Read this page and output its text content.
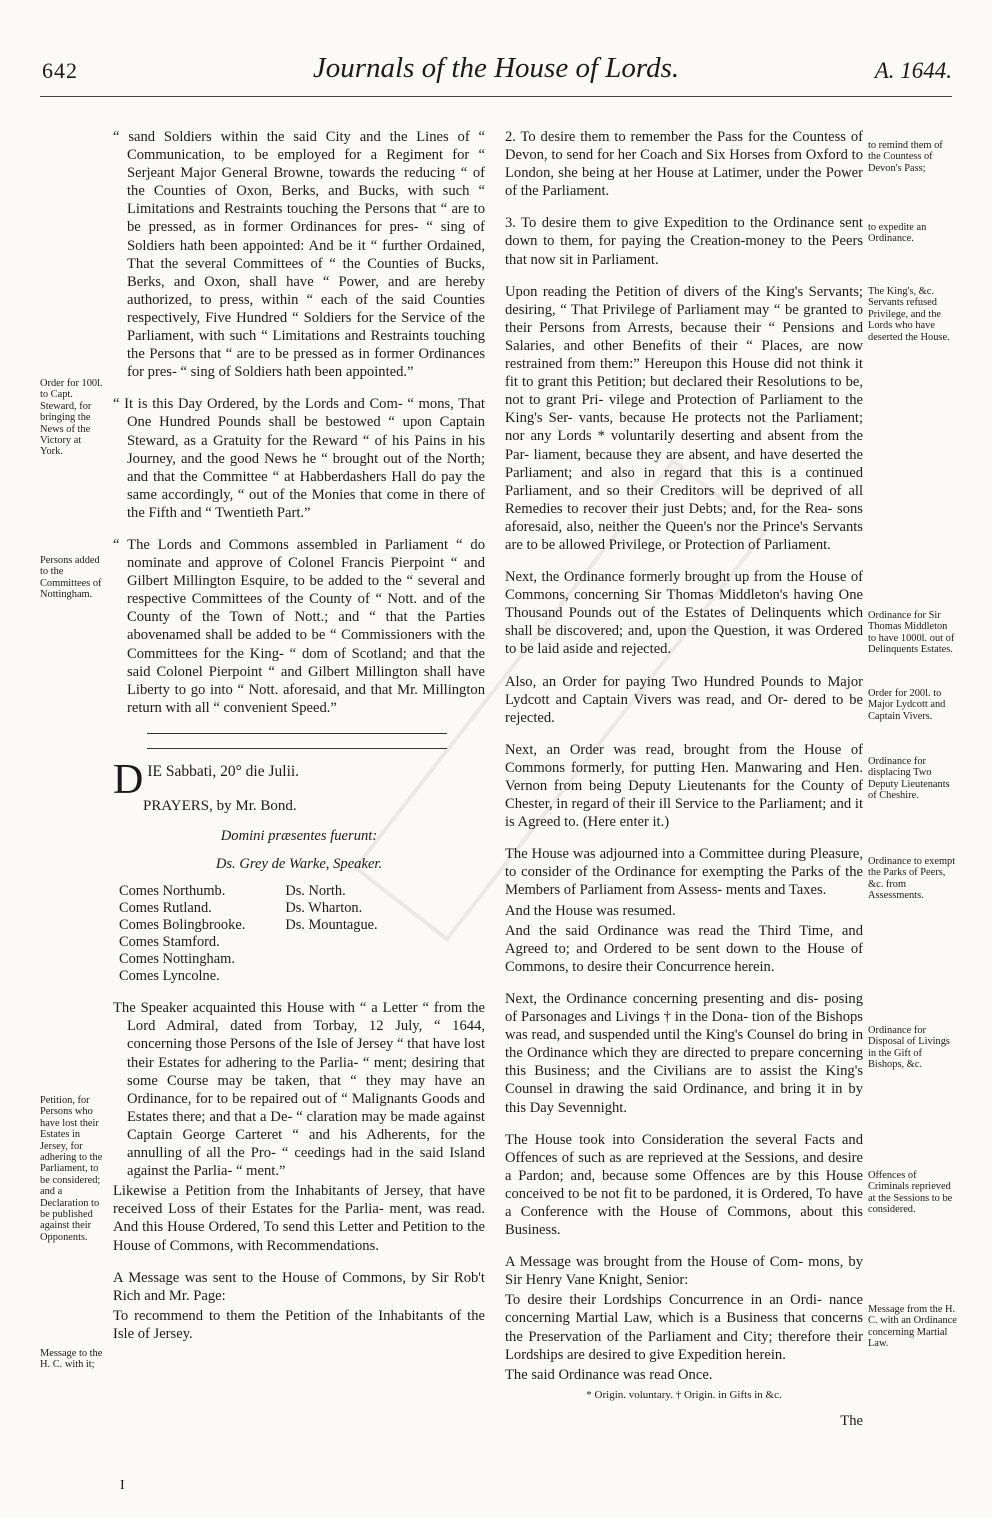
642	Journals of the House of Lords.	A. 1644.

“ sand Soldiers within the said City and the Lines of “ Communication, to be employed for a Regiment for “ Serjeant Major General Browne, towards the reducing “ of the Counties of Oxon, Berks, and Bucks, with such “ Limitations and Restraints touching the Persons that “ are to be pressed, as in former Ordinances for pres- “ sing of Soldiers hath been appointed: And be it “ further Ordained, That the several Committees of “ the Counties of Bucks, Berks, and Oxon, shall have “ Power, and are hereby authorized, to press, within “ each of the said Counties respectively, Five Hundred “ Soldiers for the Service of the Parliament, with such “ Limitations and Restraints touching the Persons that “ are to be pressed as in former Ordinances for pres- “ sing of Soldiers hath been appointed.”

“ It is this Day Ordered, by the Lords and Com- “ mons, That One Hundred Pounds shall be bestowed “ upon Captain Steward, as a Gratuity for the Reward “ of his Pains in his Journey, and the good News he “ brought out of the North; and that the Committee “ at Habberdashers Hall do pay the same accordingly, “ out of the Monies that come in there of the Fifth and “ Twentieth Part.”

“ The Lords and Commons assembled in Parliament “ do nominate and approve of Colonel Francis Pierpoint “ and Gilbert Millington Esquire, to be added to the “ several and respective Committees of the County of “ Nott. and of the County of the Town of Nott.; and “ that the Parties abovenamed shall be added to be “ Commissioners with the Committees for the King- “ dom of Scotland; and that the said Colonel Pierpoint “ and Gilbert Millington shall have Liberty to go into “ Nott. aforesaid, and that Mr. Millington return with all “ convenient Speed.”

D IE Sabbati, 20° die Julii.
PRAYERS, by Mr. Bond.
Domini præsentes fuerunt:
Ds. Grey de Warke, Speaker.
Comes Northumb.
Comes Rutland.
Comes Bolingbrooke.
Comes Stamford.
Comes Nottingham.
Comes Lyncolne.
Ds. North.
Ds. Wharton.
Ds. Mountague.

The Speaker acquainted this House with “ a Letter “ from the Lord Admiral, dated from Torbay, 12 July, “ 1644, concerning those Persons of the Isle of Jersey “ that have lost their Estates for adhering to the Parlia- “ ment; desiring that some Course may be taken, that “ they may have an Ordinance, for to be repaired out of “ Malignants Goods and Estates there; and that a De- “ claration may be made against Captain George Carteret “ and his Adherents, for the annulling of all the Pro- “ ceedings had in the said Island against the Parlia- “ ment.”

Likewise a Petition from the Inhabitants of Jersey, that have received Loss of their Estates for the Parlia- ment, was read. And this House Ordered, To send this Letter and Petition to the House of Commons, with Recommendations.

A Message was sent to the House of Commons, by Sir Rob't Rich and Mr. Page:

To recommend to them the Petition of the Inhabitants of the Isle of Jersey.

I

2. To desire them to remember the Pass for the Countess of Devon, to send for her Coach and Six Horses from Oxford to London, she being at her House at Latimer, under the Power of the Parliament.

3. To desire them to give Expedition to the Ordinance sent down to them, for paying the Creation-money to the Peers that now sit in Parliament.

Upon reading the Petition of divers of the King's Servants; desiring, “ That Privilege of Parliament may “ be granted to their Persons from Arrests, because their “ Pensions and Salaries, and other Benefits of their “ Places, are now restrained from them:” Hereupon this House did not think it fit to grant this Petition; but declared their Resolutions to be, not to grant Pri- vilege and Protection of Parliament to the King's Ser- vants, because He protects not the Parliament; nor any Lords * voluntarily deserting and absent from the Par- liament, because they are absent, and have deserted the Parliament; and also in regard that this is a continued Parliament, and so their Creditors will be deprived of all Remedies to recover their just Debts; and, for the Rea- sons aforesaid, also, neither the Queen's nor the Prince's Servants are to be allowed Privilege, or Protection of Parliament.

Next, the Ordinance formerly brought up from the House of Commons, concerning Sir Thomas Middleton's having One Thousand Pounds out of the Estates of Delinquents which shall be discovered; and, upon the Question, it was Ordered to be laid aside and rejected.

Also, an Order for paying Two Hundred Pounds to Major Lydcott and Captain Vivers was read, and Or- dered to be rejected.

Next, an Order was read, brought from the House of Commons formerly, for putting Hen. Manwaring and Hen. Vernon from being Deputy Lieutenants for the County of Chester, in regard of their ill Service to the Parliament; and it is Agreed to. (Here enter it.)

The House was adjourned into a Committee during Pleasure, to consider of the Ordinance for exempting the Parks of the Members of Parliament from Assess- ments and Taxes.

And the House was resumed.

And the said Ordinance was read the Third Time, and Agreed to; and Ordered to be sent down to the House of Commons, to desire their Concurrence herein.

Next, the Ordinance concerning presenting and dis- posing of Parsonages and Livings † in the Dona- tion of the Bishops was read, and suspended until the King's Counsel do bring in the Ordinance which they are directed to prepare concerning this Business; and the Civilians are to assist the King's Counsel in drawing the said Ordinance, and bring it in by this Day Sevennight.

The House took into Consideration the several Facts and Offences of such as are reprieved at the Sessions, and desire a Pardon; and, because some Offences are by this House conceived to be not fit to be pardoned, it is Ordered, To have a Conference with the House of Commons, about this Business.

A Message was brought from the House of Com- mons, by Sir Henry Vane Knight, Senior:

To desire their Lordships Concurrence in an Ordi- nance concerning Martial Law, which is a Business that concerns the Preservation of the Parliament and City; therefore their Lordships are desired to give Expedition herein.

The said Ordinance was read Once.

* Origin. voluntary. † Origin. in Gifts in &c.
The
Order for 100l. to Capt. Steward, for bringing the News of the Victory at York.
Persons added to the Committees of Nottingham.
Petition, for Persons who have lost their Estates in Jersey, for adhering to the Parliament, to be considered; and a Declaration to be published against their Opponents.
Message to the H. C. with it;
to remind them of the Countess of Devon's Pass;
to expedite an Ordinance.
The King's, &c. Servants refused Privilege, and the Lords who have deserted the House.
Ordinance for Sir Thomas Middleton to have 1000l. out of Delinquents Estates.
Order for 200l. to Major Lydcott and Captain Vivers.
Ordinance for displacing Two Deputy Lieutenants of Cheshire.
Ordinance to exempt the Parks of Peers, &c. from Assessments.
Ordinance for Disposal of Livings in the Gift of Bishops, &c.
Offences of Criminals reprieved at the Sessions to be considered.
Message from the H. C. with an Ordinance concerning Martial Law.
